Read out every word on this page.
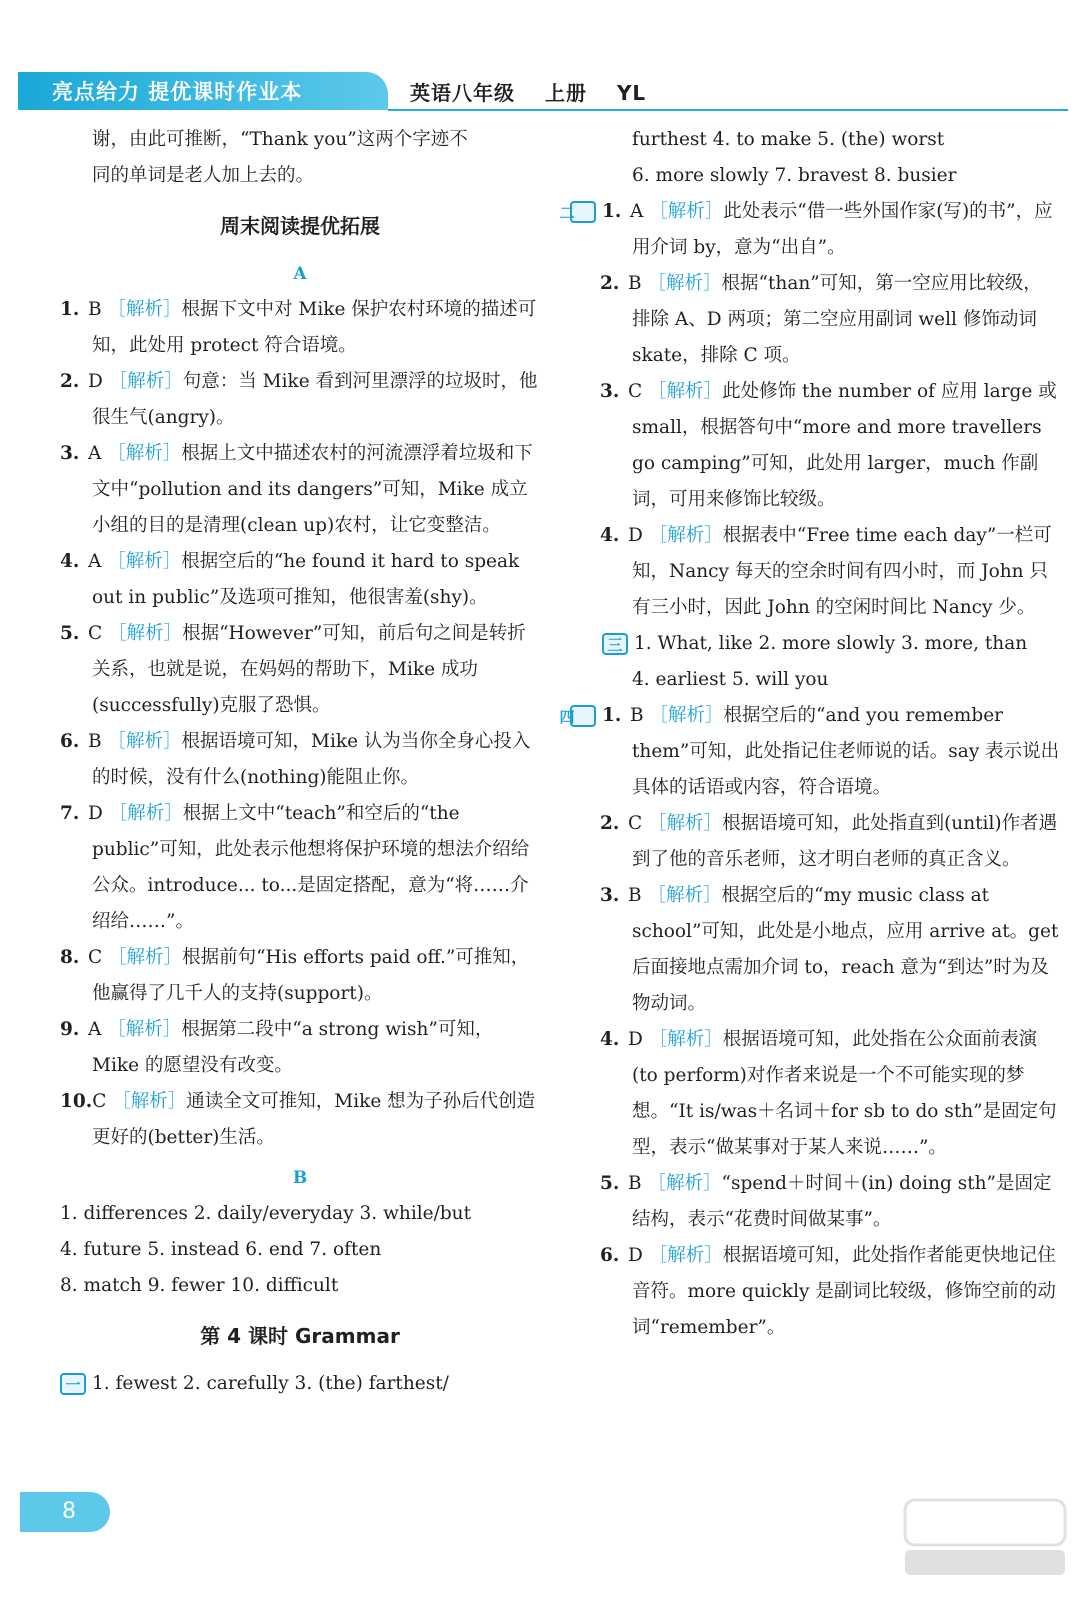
亮点给力 提优课时作业本	英语八年级 上册 YL

谢，由此可推断，“Thank you”这两个字迹不

同的单词是老人加上去的。

周末阅读提优拓展
A

1. B ［解析］根据下文中对 Mike 保护农村环境的描述可知，此处用 protect 符合语境。

2. D ［解析］句意：当 Mike 看到河里漂浮的垃圾时，他很生气(angry)。

3. A ［解析］根据上文中描述农村的河流漂浮着垃圾和下文中“pollution and its dangers”可知，Mike 成立小组的目的是清理(clean up)农村，让它变整洁。

4. A ［解析］根据空后的“he found it hard to speak out in public”及选项可推知，他很害羞(shy)。

5. C ［解析］根据“However”可知，前后句之间是转折关系，也就是说，在妈妈的帮助下，Mike 成功(successfully)克服了恐惧。

6. B ［解析］根据语境可知，Mike 认为当你全身心投入的时候，没有什么(nothing)能阻止你。

7. D ［解析］根据上文中“teach”和空后的“the public”可知，此处表示他想将保护环境的想法介绍给公众。introduce... to...是固定搭配，意为“将……介绍给……”。

8. C ［解析］根据前句“His efforts paid off.”可推知，他赢得了几千人的支持(support)。

9. A ［解析］根据第二段中“a strong wish”可知，Mike 的愿望没有改变。

10.C ［解析］通读全文可推知，Mike 想为子孙后代创造更好的(better)生活。

B

1. differences 2. daily/everyday 3. while/but

4. future 5. instead 6. end 7. often

8. match 9. fewer 10. difficult

第 4 课时 Grammar

一 1. fewest 2. carefully 3. (the) farthest/

furthest 4. to make 5. (the) worst

6. more slowly 7. bravest 8. busier

二 1. A ［解析］此处表示“借一些外国作家(写)的书”，应用介词 by，意为“出自”。

2. B ［解析］根据“than”可知，第一空应用比较级，排除 A、D 两项；第二空应用副词 well 修饰动词 skate，排除 C 项。

3. C ［解析］此处修饰 the number of 应用 large 或 small，根据答句中“more and more travellers go camping”可知，此处用 larger，much 作副词，可用来修饰比较级。

4. D ［解析］根据表中“Free time each day”一栏可知，Nancy 每天的空余时间有四小时，而 John 只有三小时，因此 John 的空闲时间比 Nancy 少。

三 1. What, like 2. more slowly 3. more, than

4. earliest 5. will you

四 1. B ［解析］根据空后的“and you remember them”可知，此处指记住老师说的话。say 表示说出具体的话语或内容，符合语境。

2. C ［解析］根据语境可知，此处指直到(until)作者遇到了他的音乐老师，这才明白老师的真正含义。

3. B ［解析］根据空后的“my music class at school”可知，此处是小地点，应用 arrive at。get 后面接地点需加介词 to，reach 意为“到达”时为及物动词。

4. D ［解析］根据语境可知，此处指在公众面前表演(to perform)对作者来说是一个不可能实现的梦想。“It is/was＋名词＋for sb to do sth”是固定句型，表示“做某事对于某人来说……”。

5. B ［解析］“spend＋时间＋(in) doing sth”是固定结构，表示“花费时间做某事”。

6. D ［解析］根据语境可知，此处指作者能更快地记住音符。more quickly 是副词比较级，修饰空前的动词“remember”。

8
